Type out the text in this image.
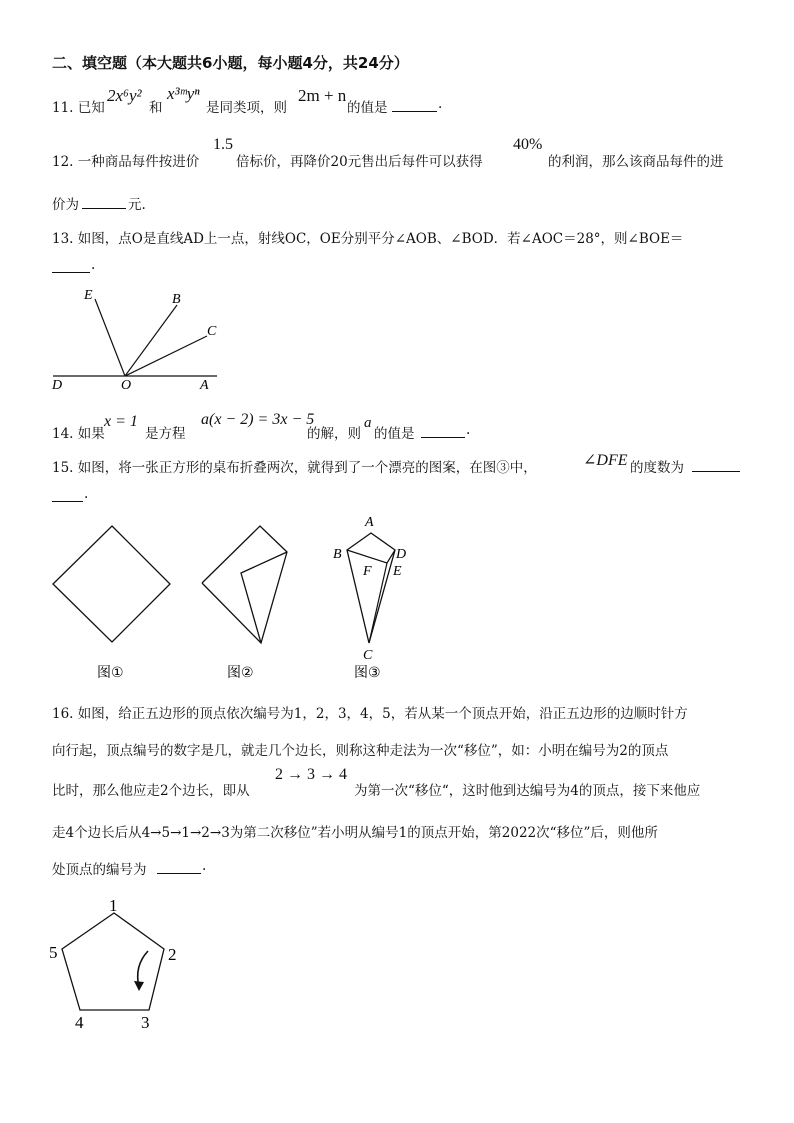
二、填空题（本大题共6小题，每小题4分，共24分）
11. 已知
2x⁶y²
和
x³ᵐyⁿ
是同类项，则
2m + n
的值是	.
12. 一种商品每件按进价
1.5
倍标价，再降价20元售出后每件可以获得
40%
的利润，那么该商品每件的进
价为	元.
13. 如图，点O是直线AD上一点，射线OC，OE分别平分∠AOB、∠BOD．若∠AOC＝28°，则∠BOE＝
.
E	B
C
D	O	A
14. 如果
x = 1
是方程
a(x − 2) = 3x − 5
的解，则
a
的值是	.
15. 如图，将一张正方形的桌布折叠两次，就得到了一个漂亮的图案，在图③中，	∠DFE 的度数为
.
A
B	D
F E
C
图①	图②	图③
16. 如图，给正五边形的顶点依次编号为1，2，3，4，5，若从某一个顶点开始，沿正五边形的边顺时针方
向行起，顶点编号的数字是几，就走几个边长，则称这种走法为一次“移位”，如：小明在编号为2的顶点
比时，那么他应走2个边长，即从
2 → 3 → 4
为第一次“移位“，这时他到达编号为4的顶点，接下来他应
走4个边长后从4→5→1→2→3为第二次移位”若小明从编号1的顶点开始，第2022次“移位”后，则他所
处顶点的编号为	.
1
2
3
4
5
